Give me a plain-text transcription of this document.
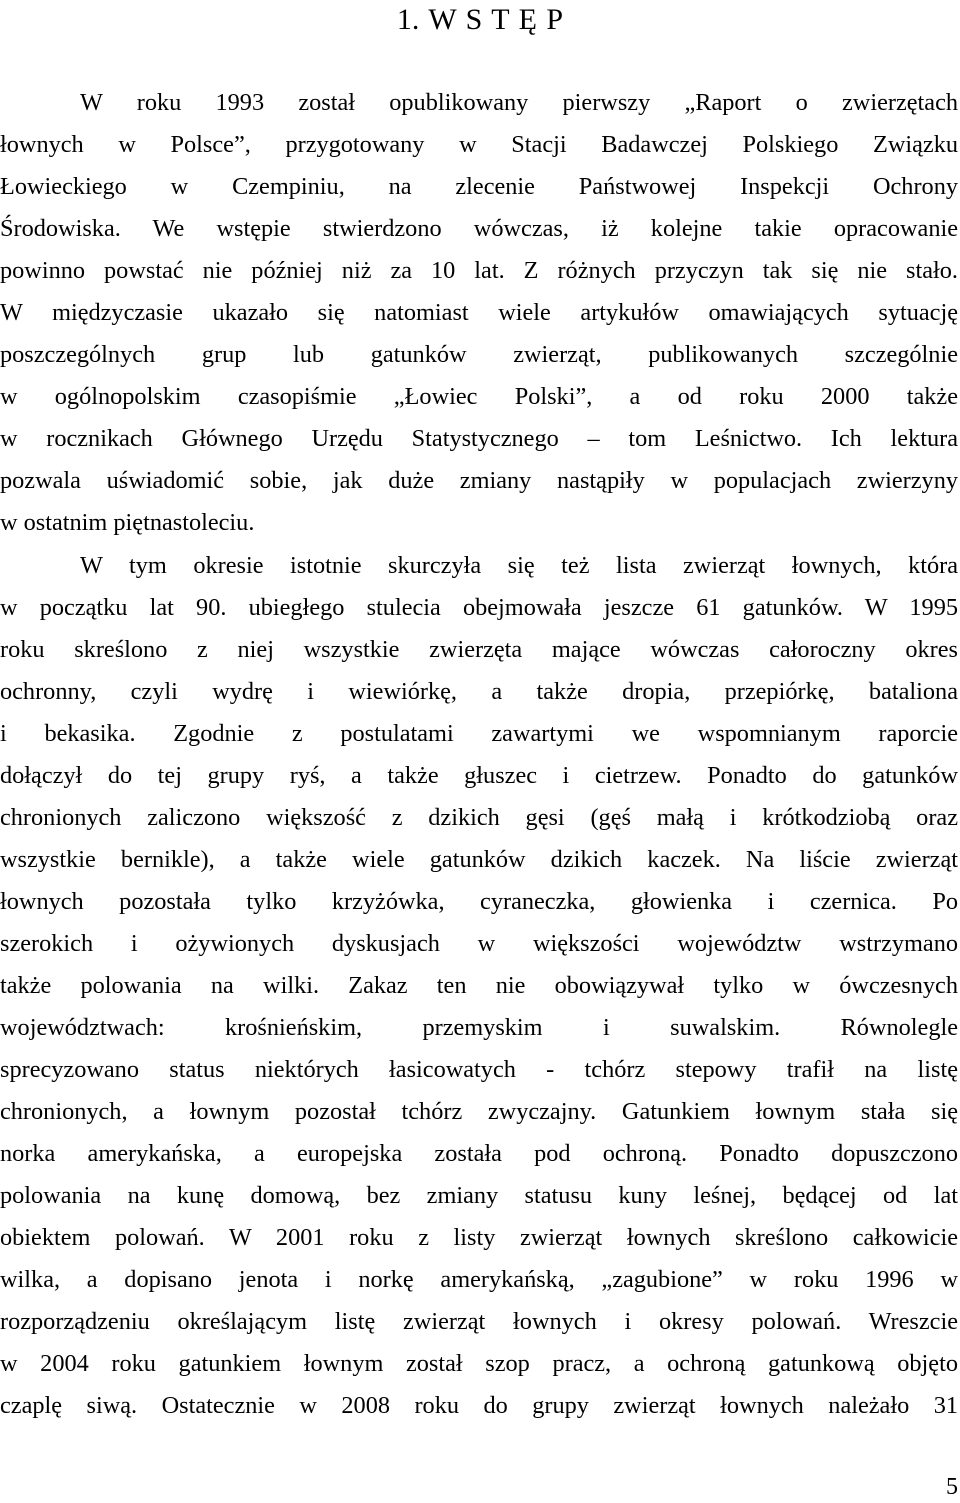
1. W S T Ę P
W roku 1993 został opublikowany pierwszy „Raport o zwierzętach
łownych w Polsce”, przygotowany w Stacji Badawczej Polskiego Związku
Łowieckiego w Czempiniu, na zlecenie Państwowej Inspekcji Ochrony
Środowiska. We wstępie stwierdzono wówczas, iż kolejne takie opracowanie
powinno powstać nie później niż za 10 lat. Z różnych przyczyn tak się nie stało.
W międzyczasie ukazało się natomiast wiele artykułów omawiających sytuację
poszczególnych grup lub gatunków zwierząt, publikowanych szczególnie
w ogólnopolskim czasopiśmie „Łowiec Polski”, a od roku 2000 także
w rocznikach Głównego Urzędu Statystycznego – tom Leśnictwo. Ich lektura
pozwala uświadomić sobie, jak duże zmiany nastąpiły w populacjach zwierzyny
w ostatnim piętnastoleciu.
W tym okresie istotnie skurczyła się też lista zwierząt łownych, która
w początku lat 90. ubiegłego stulecia obejmowała jeszcze 61 gatunków. W 1995
roku skreślono z niej wszystkie zwierzęta mające wówczas całoroczny okres
ochronny, czyli wydrę i wiewiórkę, a także dropia, przepiórkę, bataliona
i bekasika. Zgodnie z postulatami zawartymi we wspomnianym raporcie
dołączył do tej grupy ryś, a także głuszec i cietrzew. Ponadto do gatunków
chronionych zaliczono większość z dzikich gęsi (gęś małą i krótkodziobą oraz
wszystkie bernikle), a także wiele gatunków dzikich kaczek. Na liście zwierząt
łownych pozostała tylko krzyżówka, cyraneczka, głowienka i czernica. Po
szerokich i ożywionych dyskusjach w większości województw wstrzymano
także polowania na wilki. Zakaz ten nie obowiązywał tylko w ówczesnych
województwach: krośnieńskim, przemyskim i suwalskim. Równolegle
sprecyzowano status niektórych łasicowatych - tchórz stepowy trafił na listę
chronionych, a łownym pozostał tchórz zwyczajny. Gatunkiem łownym stała się
norka amerykańska, a europejska została pod ochroną. Ponadto dopuszczono
polowania na kunę domową, bez zmiany statusu kuny leśnej, będącej od lat
obiektem polowań. W 2001 roku z listy zwierząt łownych skreślono całkowicie
wilka, a dopisano jenota i norkę amerykańską, „zagubione” w roku 1996 w
rozporządzeniu określającym listę zwierząt łownych i okresy polowań. Wreszcie
w 2004 roku gatunkiem łownym został szop pracz, a ochroną gatunkową objęto
czaplę siwą. Ostatecznie w 2008 roku do grupy zwierząt łownych należało 31
5
